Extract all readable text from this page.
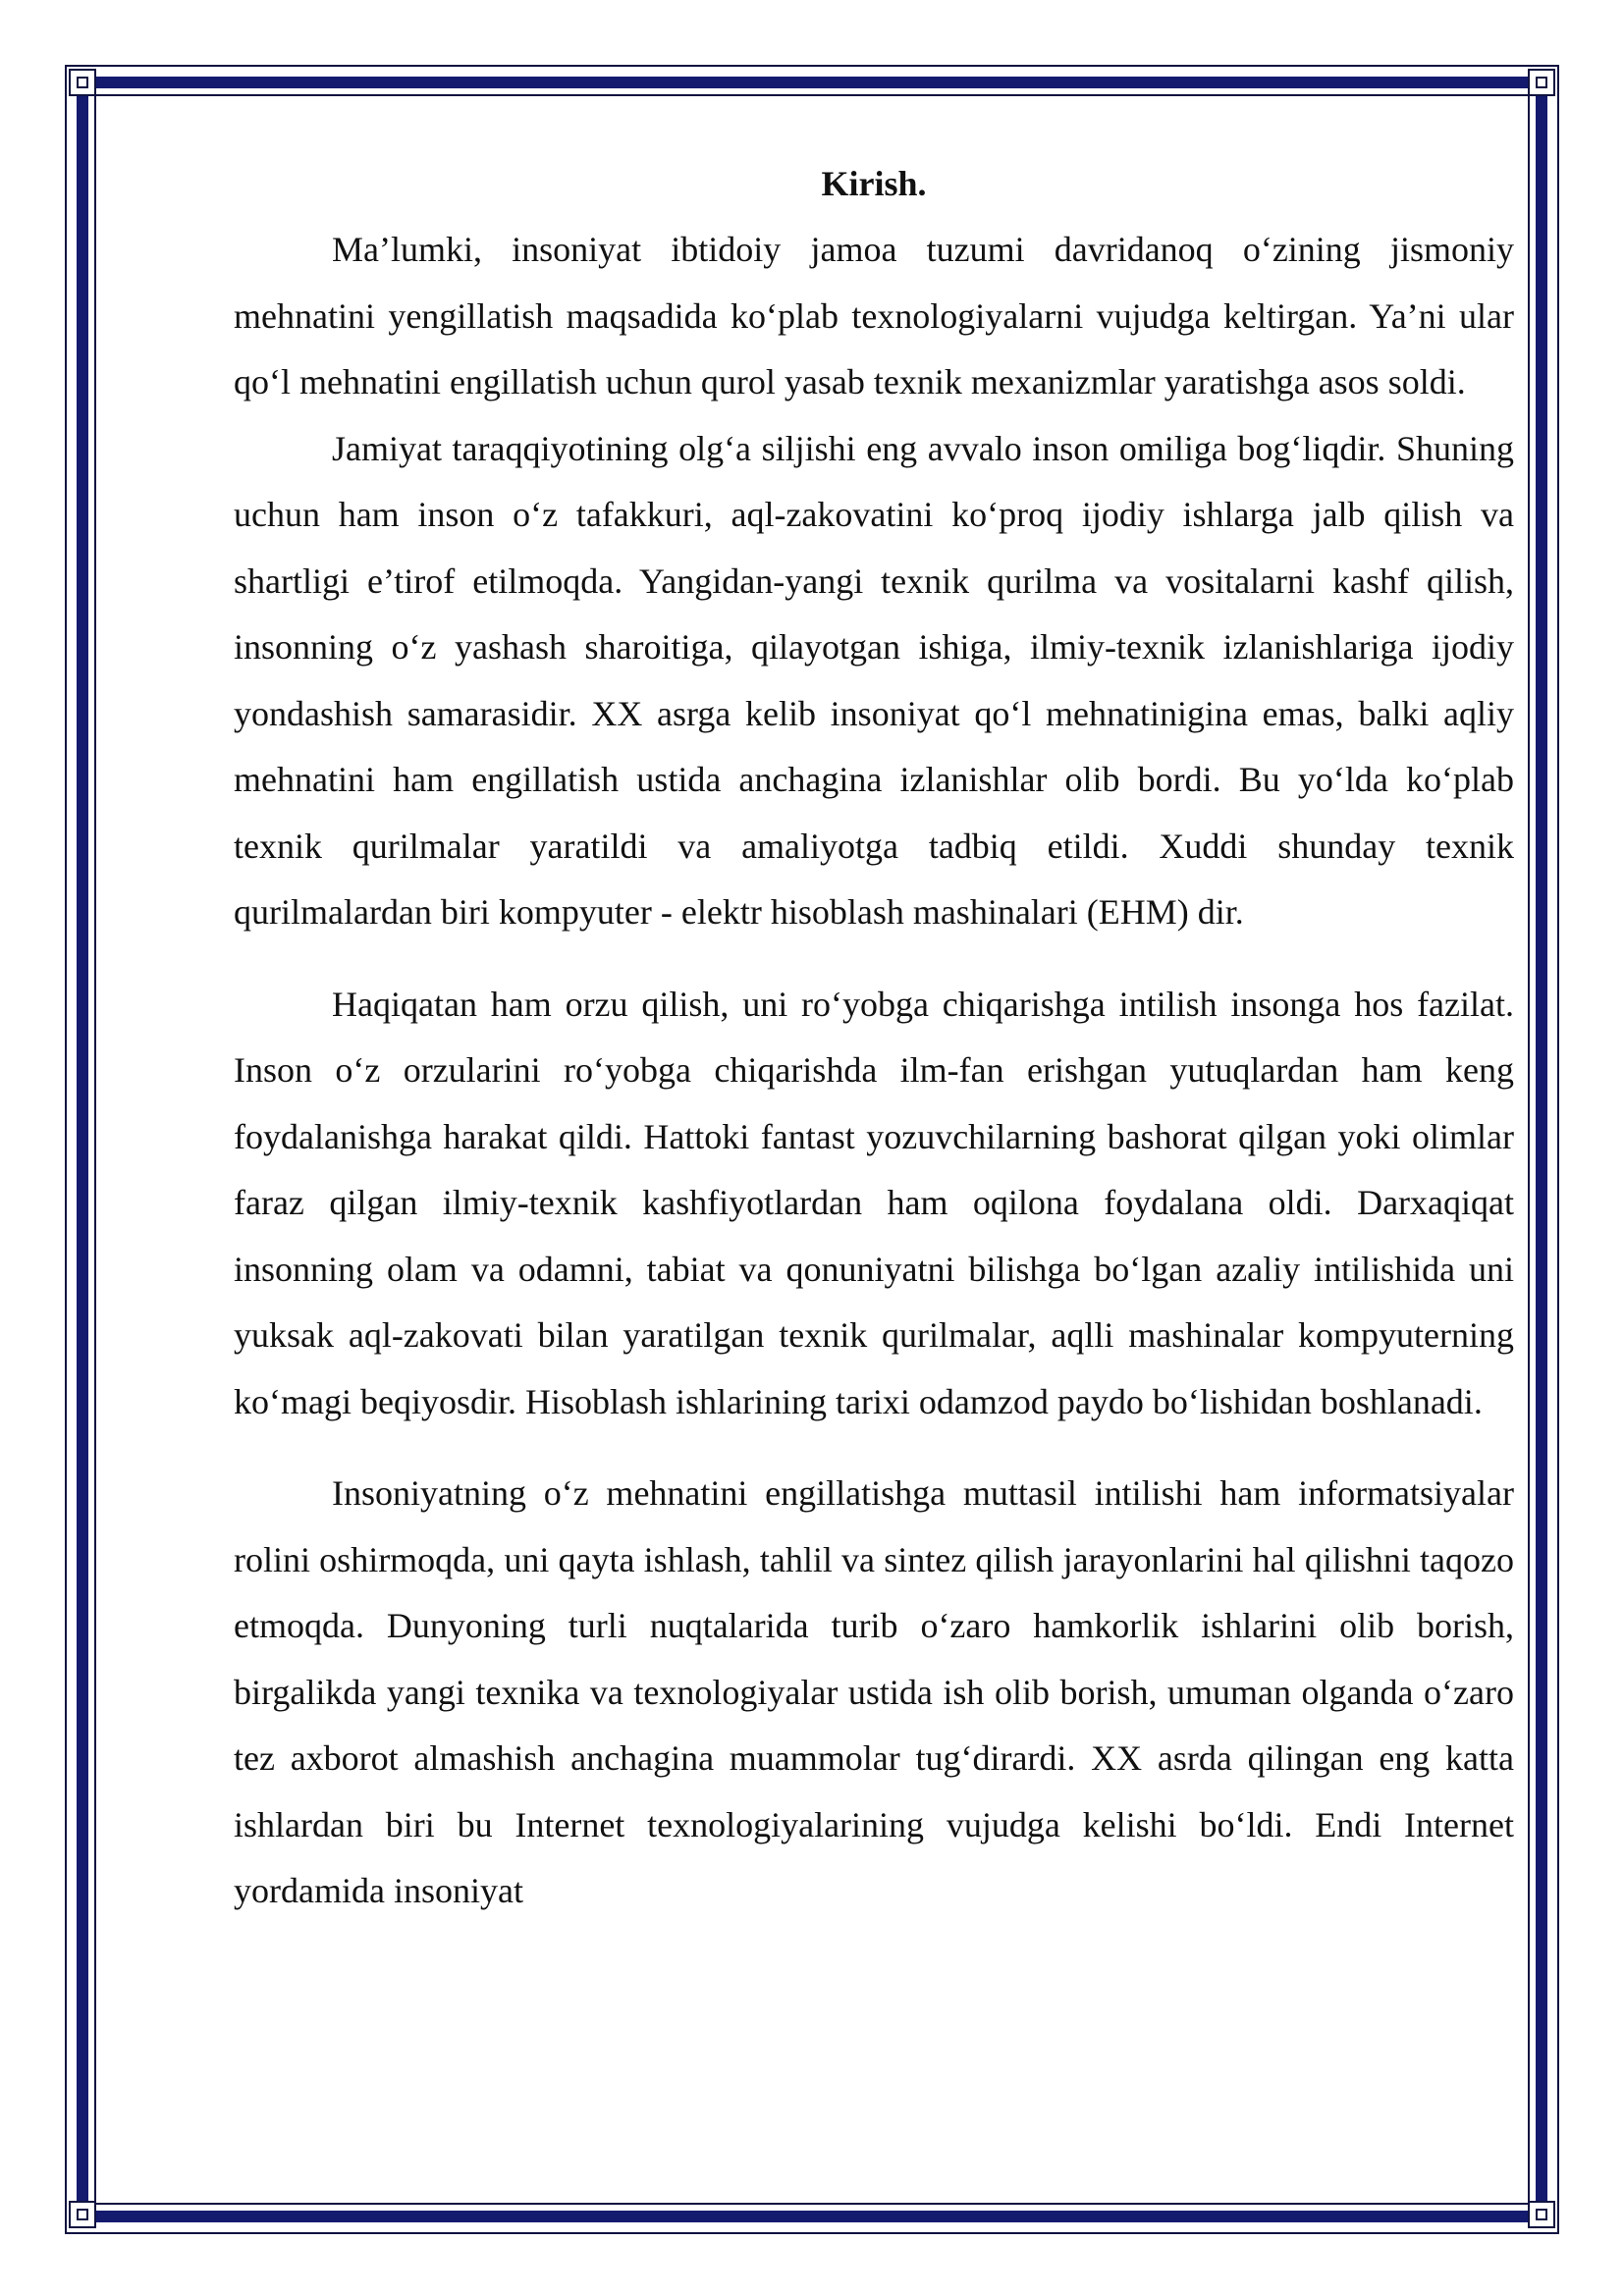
Kirish.

Ma’lumki, insoniyat ibtidoiy jamoa tuzumi davridanoq o‘zining jismoniy mehnatini yengillatish maqsadida ko‘plab texnologiyalarni vujudga keltirgan. Ya’ni ular qo‘l mehnatini engillatish uchun qurol yasab texnik mexanizmlar yaratishga asos soldi.

Jamiyat taraqqiyotining olg‘a siljishi eng avvalo inson omiliga bog‘liqdir. Shuning uchun ham inson o‘z tafakkuri, aql-zakovatini ko‘proq ijodiy ishlarga jalb qilish va shartligi e’tirof etilmoqda. Yangidan-yangi texnik qurilma va vositalarni kashf qilish, insonning o‘z yashash sharoitiga, qilayotgan ishiga, ilmiy-texnik izlanishlariga ijodiy yondashish samarasidir. XX asrga kelib insoniyat qo‘l mehnatinigina emas, balki aqliy mehnatini ham engillatish ustida anchagina izlanishlar olib bordi. Bu yo‘lda ko‘plab texnik qurilmalar yaratildi va amaliyotga tadbiq etildi. Xuddi shunday texnik qurilmalardan biri kompyuter - elektr hisoblash mashinalari (EHM) dir.

Haqiqatan ham orzu qilish, uni ro‘yobga chiqarishga intilish insonga hos fazilat. Inson o‘z orzularini ro‘yobga chiqarishda ilm-fan erishgan yutuqlardan ham keng foydalanishga harakat qildi. Hattoki fantast yozuvchilarning bashorat qilgan yoki olimlar faraz qilgan ilmiy-texnik kashfiyotlardan ham oqilona foydalana oldi. Darxaqiqat insonning olam va odamni, tabiat va qonuniyatni bilishga bo‘lgan azaliy intilishida uni yuksak aql-zakovati bilan yaratilgan texnik qurilmalar, aqlli mashinalar kompyuterning ko‘magi beqiyosdir. Hisoblash ishlarining tarixi odamzod paydo bo‘lishidan boshlanadi.

Insoniyatning o‘z mehnatini engillatishga muttasil intilishi ham informatsiyalar rolini oshirmoqda, uni qayta ishlash, tahlil va sintez qilish jarayonlarini hal qilishni taqozo etmoqda. Dunyoning turli nuqtalarida turib o‘zaro hamkorlik ishlarini olib borish, birgalikda yangi texnika va texnologiyalar ustida ish olib borish, umuman olganda o‘zaro tez axborot almashish anchagina muammolar tug‘dirardi. XX asrda qilingan eng katta ishlardan biri bu Internet texnologiyalarining vujudga kelishi bo‘ldi. Endi Internet yordamida insoniyat
